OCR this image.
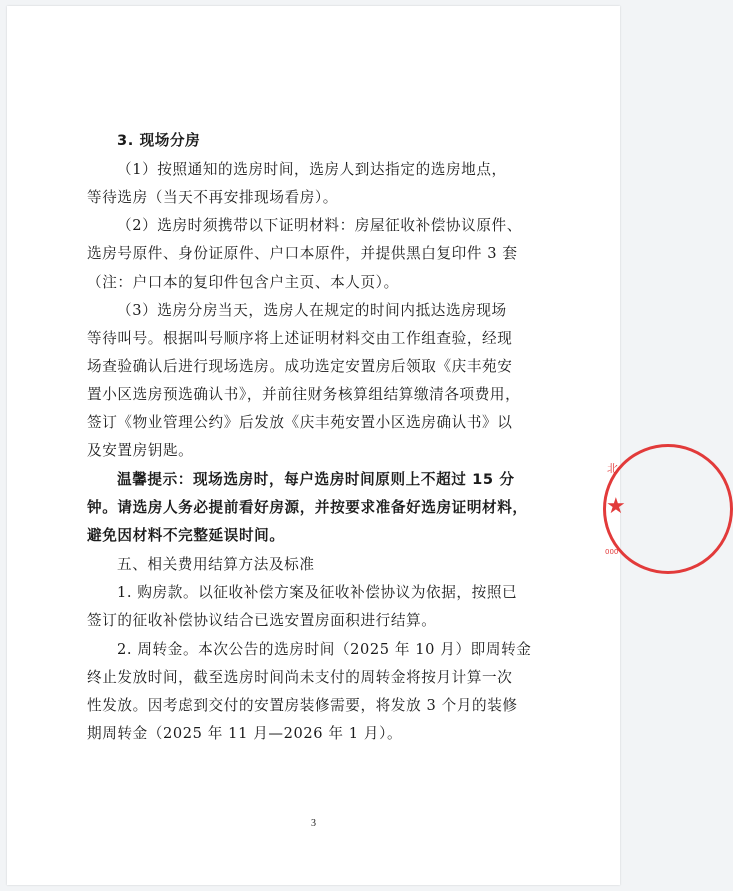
3. 现场分房
（1）按照通知的选房时间，选房人到达指定的选房地点，
等待选房（当天不再安排现场看房）。
（2）选房时须携带以下证明材料：房屋征收补偿协议原件、
选房号原件、身份证原件、户口本原件，并提供黑白复印件 3 套
（注：户口本的复印件包含户主页、本人页）。
（3）选房分房当天，选房人在规定的时间内抵达选房现场
等待叫号。根据叫号顺序将上述证明材料交由工作组查验，经现
场查验确认后进行现场选房。成功选定安置房后领取《庆丰苑安
置小区选房预选确认书》，并前往财务核算组结算缴清各项费用，
签订《物业管理公约》后发放《庆丰苑安置小区选房确认书》以
及安置房钥匙。
温馨提示：现场选房时，每户选房时间原则上不超过 15 分
钟。请选房人务必提前看好房源，并按要求准备好选房证明材料，
避免因材料不完整延误时间。
五、相关费用结算方法及标准
1. 购房款。以征收补偿方案及征收补偿协议为依据，按照已
签订的征收补偿协议结合已选安置房面积进行结算。
2. 周转金。本次公告的选房时间（2025 年 10 月）即周转金
终止发放时间，截至选房时间尚未支付的周转金将按月计算一次
性发放。因考虑到交付的安置房装修需要，将发放 3 个月的装修
期周转金（2025 年 11 月—2026 年 1 月）。
北
★
000
3
